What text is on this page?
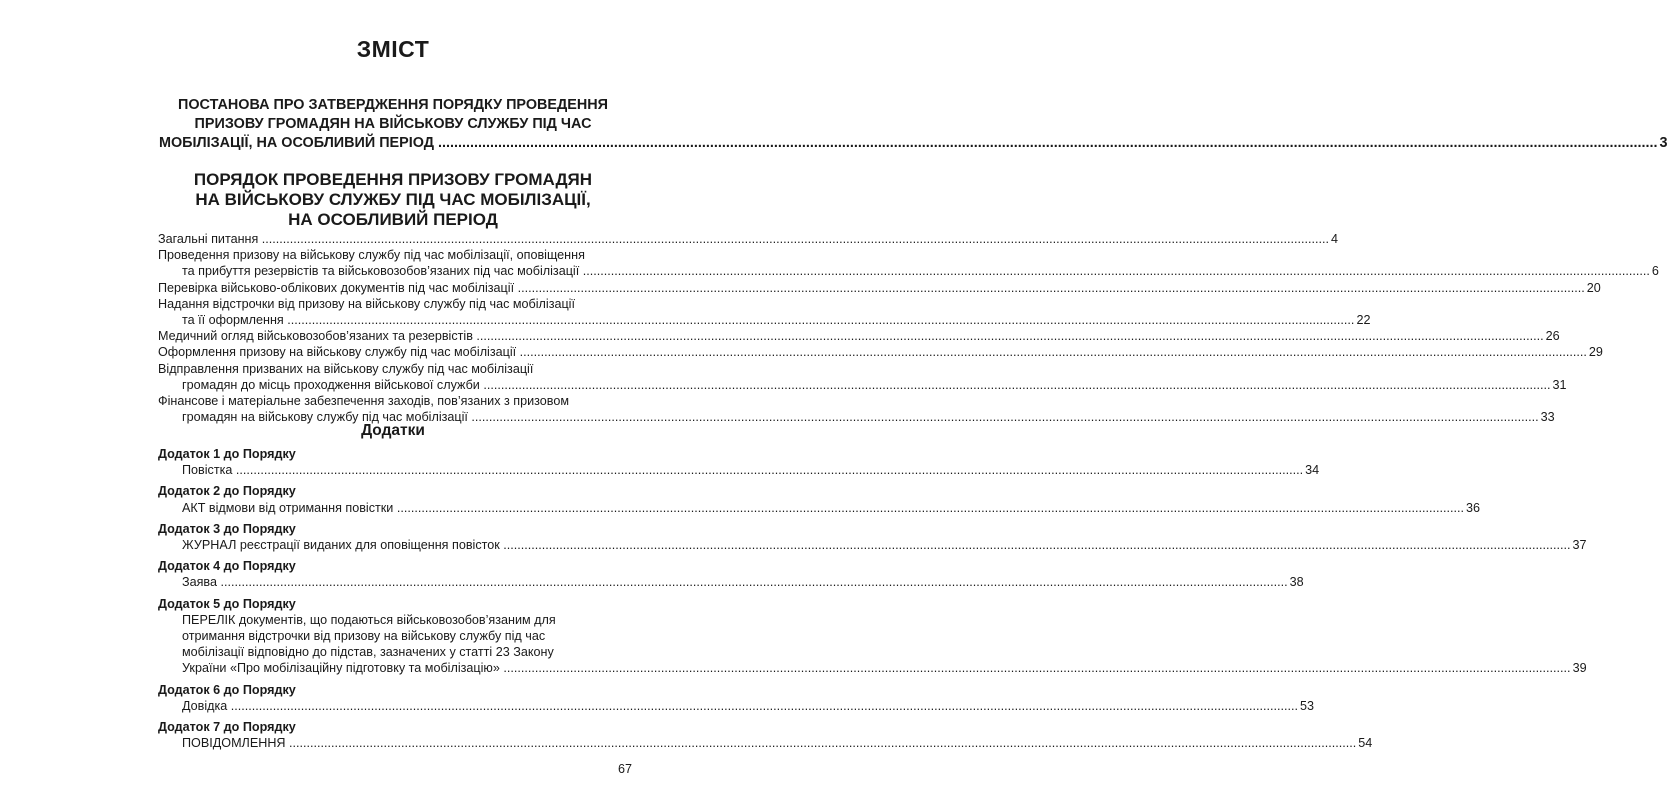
ЗМІСТ
ПОСТАНОВА ПРО ЗАТВЕРДЖЕННЯ ПОРЯДКУ ПРОВЕДЕННЯ
ПРИЗОВУ ГРОМАДЯН НА ВІЙСЬКОВУ СЛУЖБУ ПІД ЧАС
МОБІЛІЗАЦІЇ, НА ОСОБЛИВИЙ ПЕРІОД .....	3
ПОРЯДОК ПРОВЕДЕННЯ ПРИЗОВУ ГРОМАДЯН
НА ВІЙСЬКОВУ СЛУЖБУ ПІД ЧАС МОБІЛІЗАЦІЇ,
НА ОСОБЛИВИЙ ПЕРІОД
Загальні питання .....	4
Проведення призову на військову службу під час мобілізації, оповіщення
та прибуття резервістів та військовозобов’язаних під час мобілізації .....	6
Перевірка військово-облікових документів під час мобілізації .....	20
Надання відстрочки від призову на військову службу під час мобілізації
та її оформлення .....	22
Медичний огляд військовозобов’язаних та резервістів .....	26
Оформлення призову на військову службу під час мобілізації .....	29
Відправлення призваних на військову службу під час мобілізації
громадян до місць проходження військової служби .....	31
Фінансове і матеріальне забезпечення заходів, пов’язаних з призовом
громадян на військову службу під час мобілізації .....	33
Додатки
Додаток 1 до Порядку
Повістка .....	34
Додаток 2 до Порядку
АКТ відмови від отримання повістки .....	36
Додаток 3 до Порядку
ЖУРНАЛ реєстрації виданих для оповіщення повісток .....	37
Додаток 4 до Порядку
Заява .....	38
Додаток 5 до Порядку
ПЕРЕЛІК документів, що подаються військовозобов’язаним для
отримання відстрочки від призову на військову службу під час
мобілізації відповідно до підстав, зазначених у статті 23 Закону
України «Про мобілізаційну підготовку та мобілізацію» .....	39
Додаток 6 до Порядку
Довідка .....	53
Додаток 7 до Порядку
ПОВІДОМЛЕННЯ .....	54
67
